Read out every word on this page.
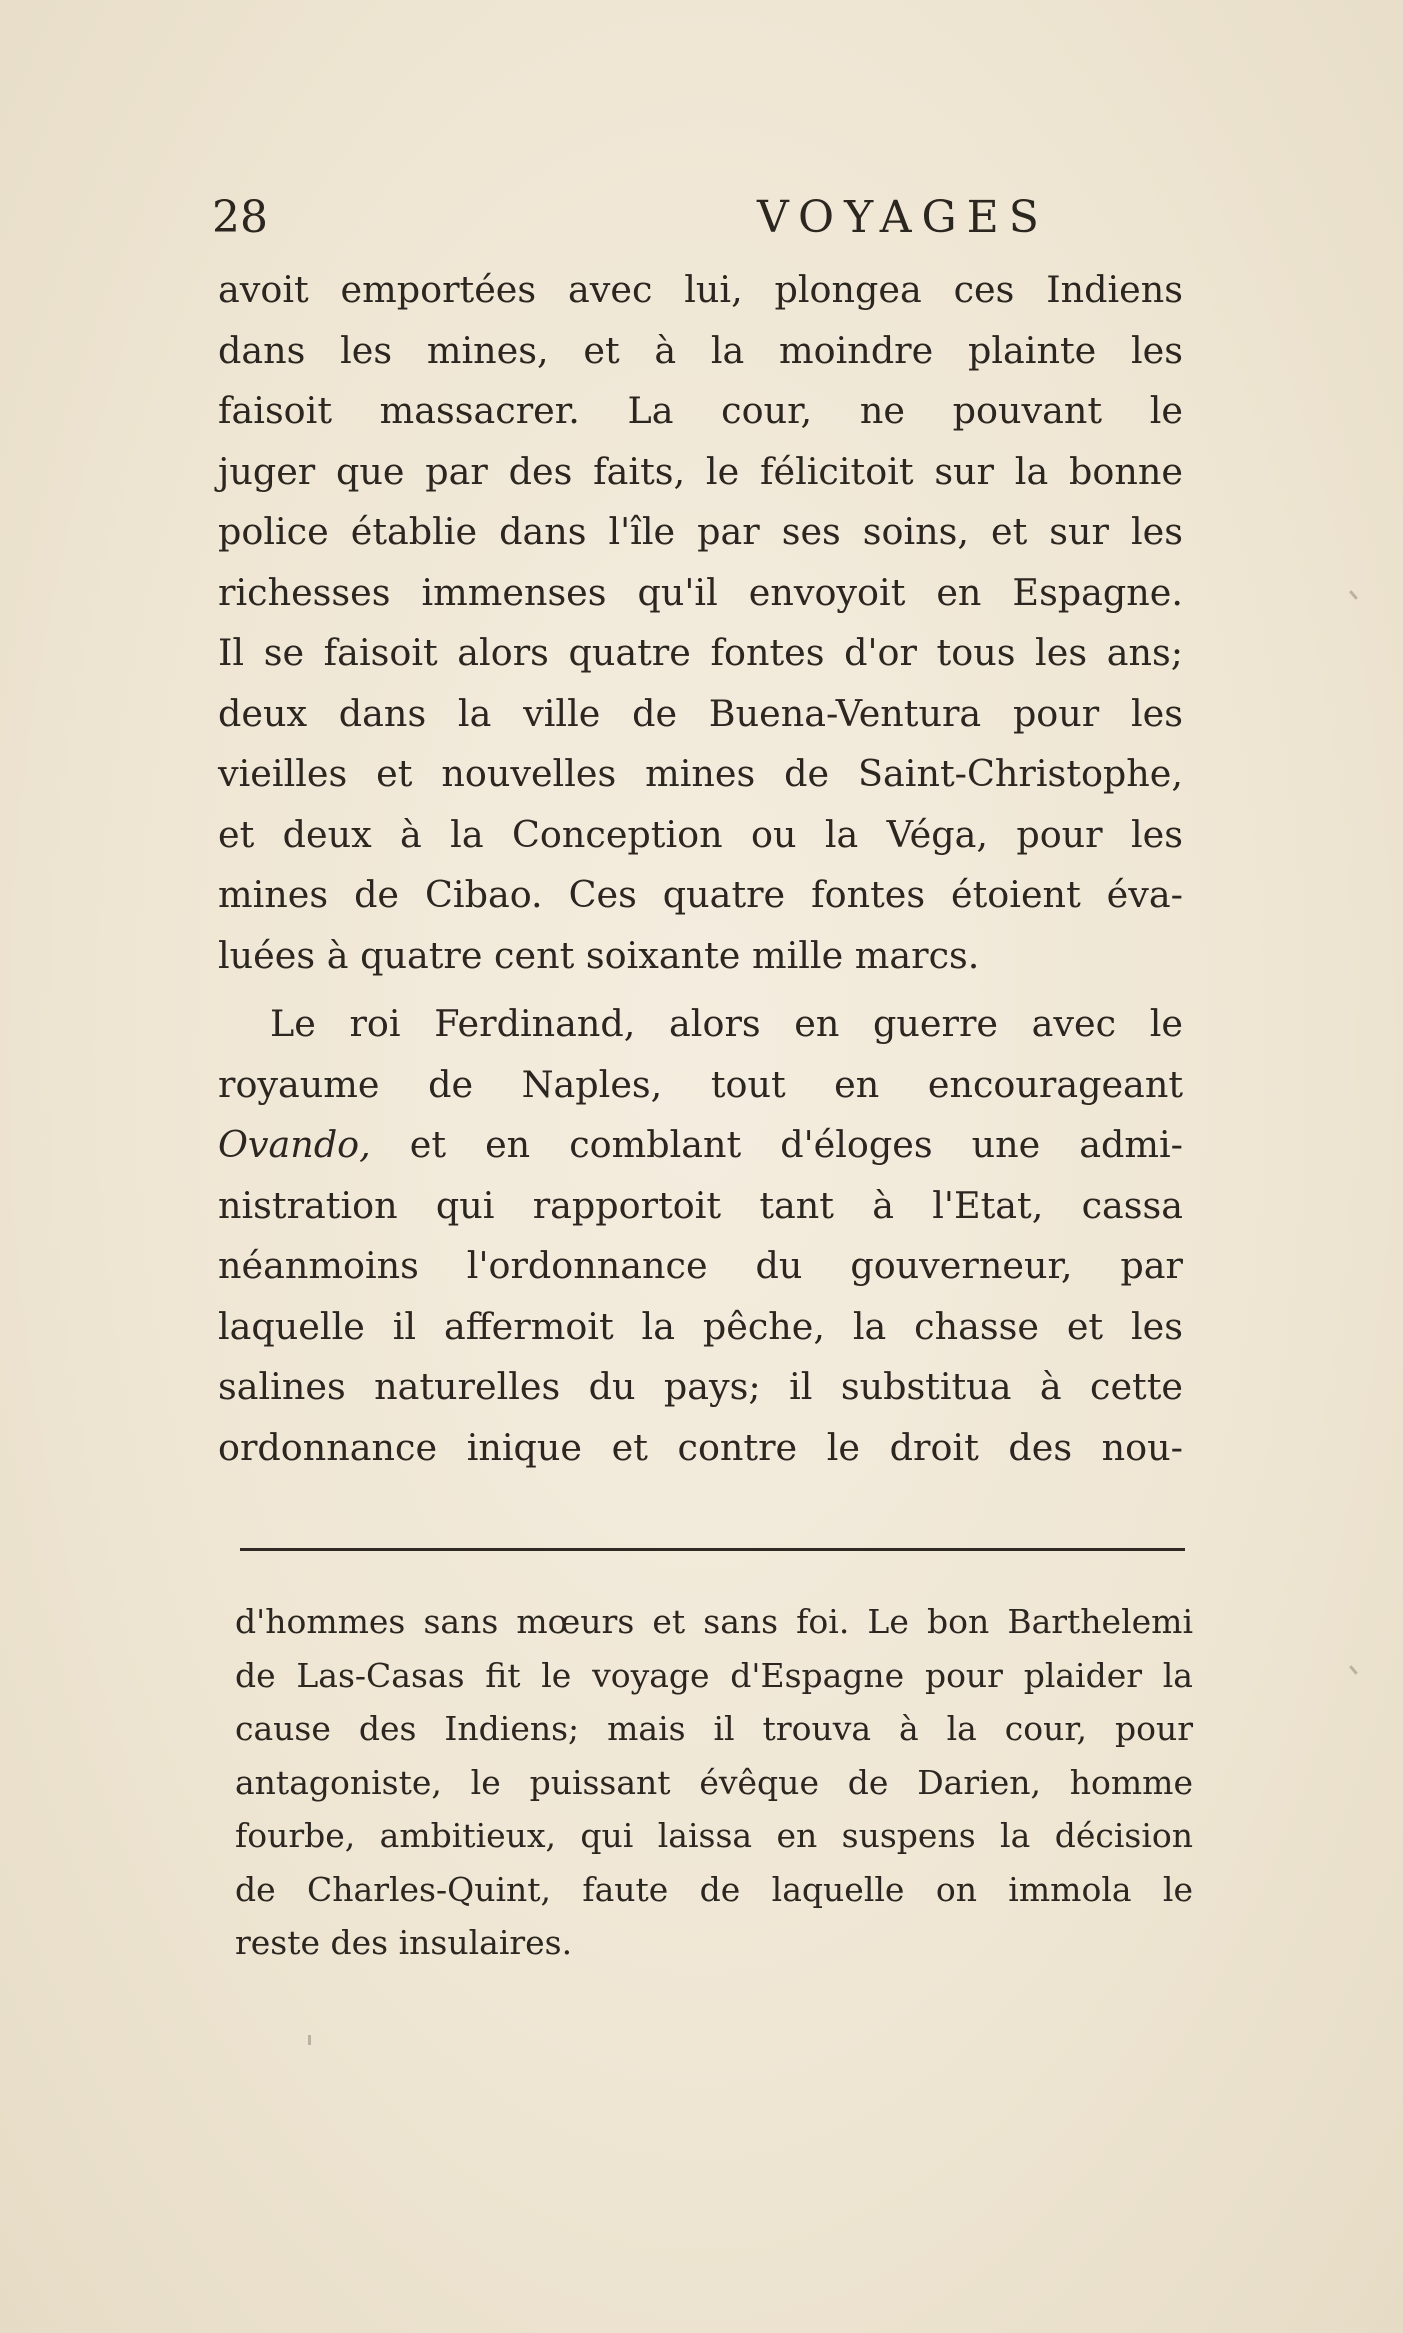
28	VOYAGES

avoit emportées avec lui, plongea ces Indiens
dans les mines, et à la moindre plainte les
faisoit massacrer. La cour, ne pouvant le
juger que par des faits, le félicitoit sur la bonne
police établie dans l'île par ses soins, et sur les
richesses immenses qu'il envoyoit en Espagne.
Il se faisoit alors quatre fontes d'or tous les ans;
deux dans la ville de Buena-Ventura pour les
vieilles et nouvelles mines de Saint-Christophe,
et deux à la Conception ou la Véga, pour les
mines de Cibao. Ces quatre fontes étoient éva-
luées à quatre cent soixante mille marcs.

Le roi Ferdinand, alors en guerre avec le
royaume de Naples, tout en encourageant
Ovando, et en comblant d'éloges une admi-
nistration qui rapportoit tant à l'Etat, cassa
néanmoins l'ordonnance du gouverneur, par
laquelle il affermoit la pêche, la chasse et les
salines naturelles du pays; il substitua à cette
ordonnance inique et contre le droit des nou-

d'hommes sans mœurs et sans foi. Le bon Barthelemi
de Las-Casas fit le voyage d'Espagne pour plaider la
cause des Indiens; mais il trouva à la cour, pour
antagoniste, le puissant évêque de Darien, homme
fourbe, ambitieux, qui laissa en suspens la décision
de Charles-Quint, faute de laquelle on immola le
reste des insulaires.
